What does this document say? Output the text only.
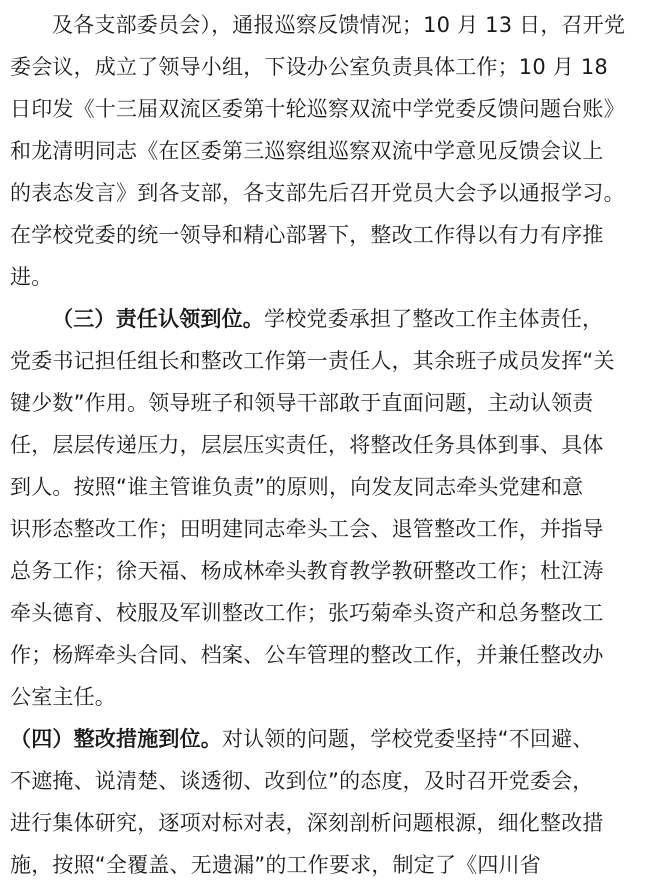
及各支部委员会），通报巡察反馈情况；10 月 13 日，召开党
委会议，成立了领导小组，下设办公室负责具体工作；10 月 18
日印发《十三届双流区委第十轮巡察双流中学党委反馈问题台账》
和龙清明同志《在区委第三巡察组巡察双流中学意见反馈会议上
的表态发言》到各支部，各支部先后召开党员大会予以通报学习。
在学校党委的统一领导和精心部署下，整改工作得以有力有序推
进。
（三）责任认领到位。学校党委承担了整改工作主体责任，
党委书记担任组长和整改工作第一责任人，其余班子成员发挥“关
键少数”作用。领导班子和领导干部敢于直面问题，主动认领责
任，层层传递压力，层层压实责任，将整改任务具体到事、具体
到人。按照“谁主管谁负责”的原则，向发友同志牵头党建和意
识形态整改工作；田明建同志牵头工会、退管整改工作，并指导
总务工作；徐天福、杨成林牵头教育教学教研整改工作；杜江涛
牵头德育、校服及军训整改工作；张巧菊牵头资产和总务整改工
作；杨辉牵头合同、档案、公车管理的整改工作，并兼任整改办
公室主任。
（四）整改措施到位。对认领的问题，学校党委坚持“不回避、
不遮掩、说清楚、谈透彻、改到位”的态度，及时召开党委会，
进行集体研究，逐项对标对表，深刻剖析问题根源，细化整改措
施，按照“全覆盖、无遗漏”的工作要求，制定了《四川省
